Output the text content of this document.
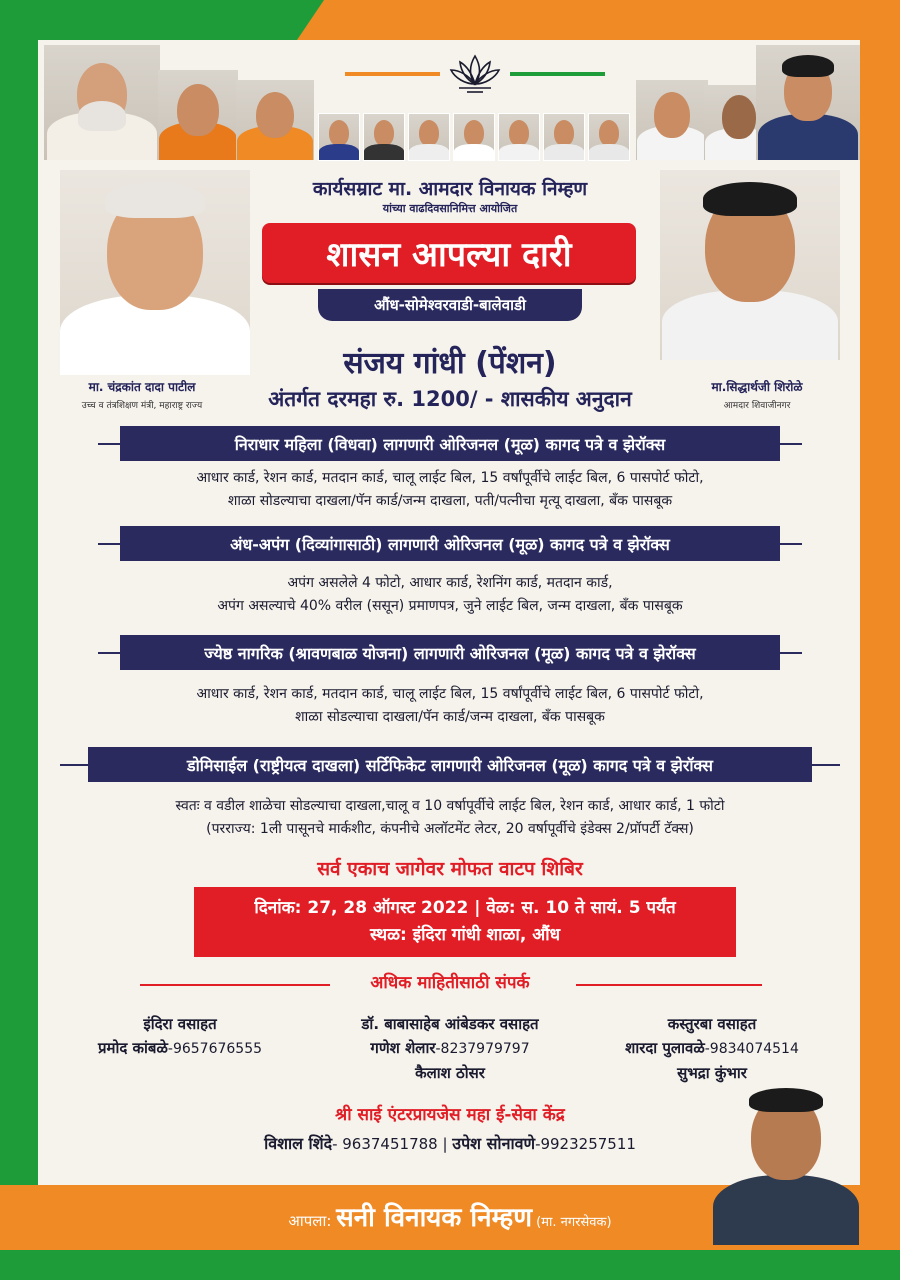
कार्यसम्राट मा. आमदार विनायक निम्हण
यांच्या वाढदिवसानिमित्त आयोजित
शासन आपल्या दारी
औंध-सोमेश्वरवाडी-बालेवाडी
संजय गांधी (पेंशन)
अंतर्गत दरमहा रु. 1200/ - शासकीय अनुदान
मा. चंद्रकांत दादा पाटील
उच्च व तंत्रशिक्षण मंत्री, महाराष्ट्र राज्य
मा.सिद्धार्थजी शिरोळे
आमदार शिवाजीनगर
निराधार महिला (विधवा) लागणारी ओरिजनल (मूळ) कागद पत्रे व झेरॉक्स
आधार कार्ड, रेशन कार्ड, मतदान कार्ड, चालू लाईट बिल, 15 वर्षांपूर्वीचे लाईट बिल, 6 पासपोर्ट फोटो,
शाळा सोडल्याचा दाखला/पॅन कार्ड/जन्म दाखला, पती/पत्नीचा मृत्यू दाखला, बँक पासबूक
अंध-अपंग (दिव्यांगासाठी) लागणारी ओरिजनल (मूळ) कागद पत्रे व झेरॉक्स
अपंग असलेले 4 फोटो, आधार कार्ड, रेशनिंग कार्ड, मतदान कार्ड,
अपंग असल्याचे 40% वरील (ससून) प्रमाणपत्र, जुने लाईट बिल, जन्म दाखला, बँक पासबूक
ज्येष्ठ नागरिक (श्रावणबाळ योजना) लागणारी ओरिजनल (मूळ) कागद पत्रे व झेरॉक्स
आधार कार्ड, रेशन कार्ड, मतदान कार्ड, चालू लाईट बिल, 15 वर्षांपूर्वीचे लाईट बिल, 6 पासपोर्ट फोटो,
शाळा सोडल्याचा दाखला/पॅन कार्ड/जन्म दाखला, बँक पासबूक
डोमिसाईल (राष्ट्रीयत्व दाखला) सर्टिफिकेट लागणारी ओरिजनल (मूळ) कागद पत्रे व झेरॉक्स
स्वतः व वडील शाळेचा सोडल्याचा दाखला,चालू व 10 वर्षापूर्वीचे लाईट बिल, रेशन कार्ड, आधार कार्ड, 1 फोटो
(परराज्य: 1ली पासूनचे मार्कशीट, कंपनीचे अलॉटमेंट लेटर, 20 वर्षापूर्वीचे इंडेक्स 2/प्रॉपर्टी टॅक्स)
सर्व एकाच जागेवर मोफत वाटप शिबिर
दिनांक: 27, 28 ऑगस्ट 2022 | वेळ: स. 10 ते सायं. 5 पर्यंत
स्थळ: इंदिरा गांधी शाळा, औंध
अधिक माहितीसाठी संपर्क
इंदिरा वसाहत
प्रमोद कांबळे-9657676555
डॉ. बाबासाहेब आंबेडकर वसाहत
गणेश शेलार-8237979797
कैलाश ठोसर
कस्तुरबा वसाहत
शारदा पुलावळे-9834074514
सुभद्रा कुंभार
श्री साई एंटरप्रायजेस महा ई-सेवा केंद्र
विशाल शिंदे- 9637451788 | उपेश सोनावणे-9923257511
आपला: सनी विनायक निम्हण (मा. नगरसेवक)
